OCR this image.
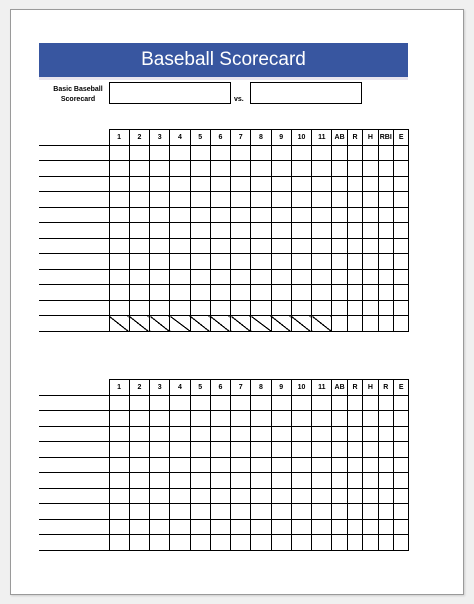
Baseball Scorecard
Basic Baseball Scorecard	vs.
	1	2	3	4	5	6	7	8	9	10	11	AB	R	H	RBI	E

	1	2	3	4	5	6	7	8	9	10	11	AB	R	H	R	E
